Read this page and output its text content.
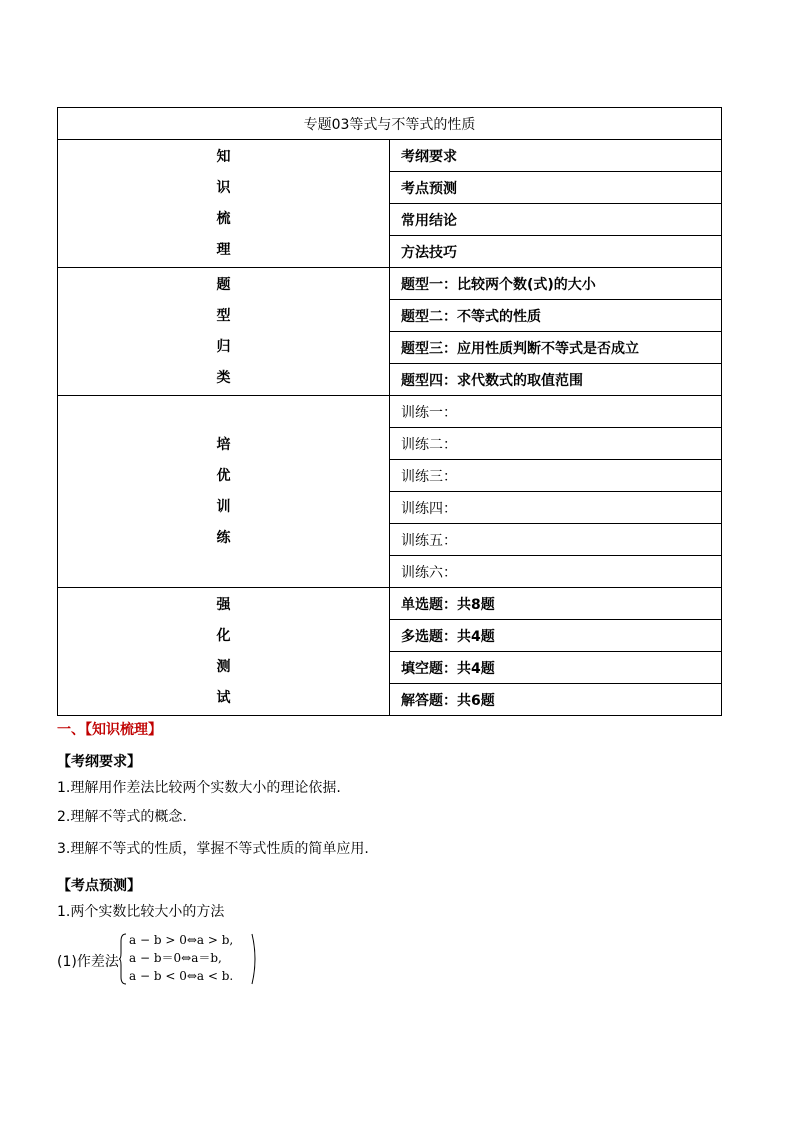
专题03等式与不等式的性质	

知
识
梳
理	考纲要求
	考点预测
	常用结论
	方法技巧

题
型
归
类	题型一：比较两个数(式)的大小
	题型二：不等式的性质
	题型三：应用性质判断不等式是否成立
	题型四：求代数式的取值范围

培
优
训
练	训练一：
	训练二：
	训练三：
	训练四：
	训练五：
	训练六：

强
化
测
试	单选题：共8题
	多选题：共4题
	填空题：共4题
	解答题：共6题
一、【知识梳理】
【考纲要求】
1.理解用作差法比较两个实数大小的理论依据.
2.理解不等式的概念.
3.理解不等式的性质，掌握不等式性质的简单应用.
【考点预测】
1.两个实数比较大小的方法
(1)作差法
a − b > 0⇔a > b,
a − b＝0⇔a＝b,
a − b < 0⇔a < b.
